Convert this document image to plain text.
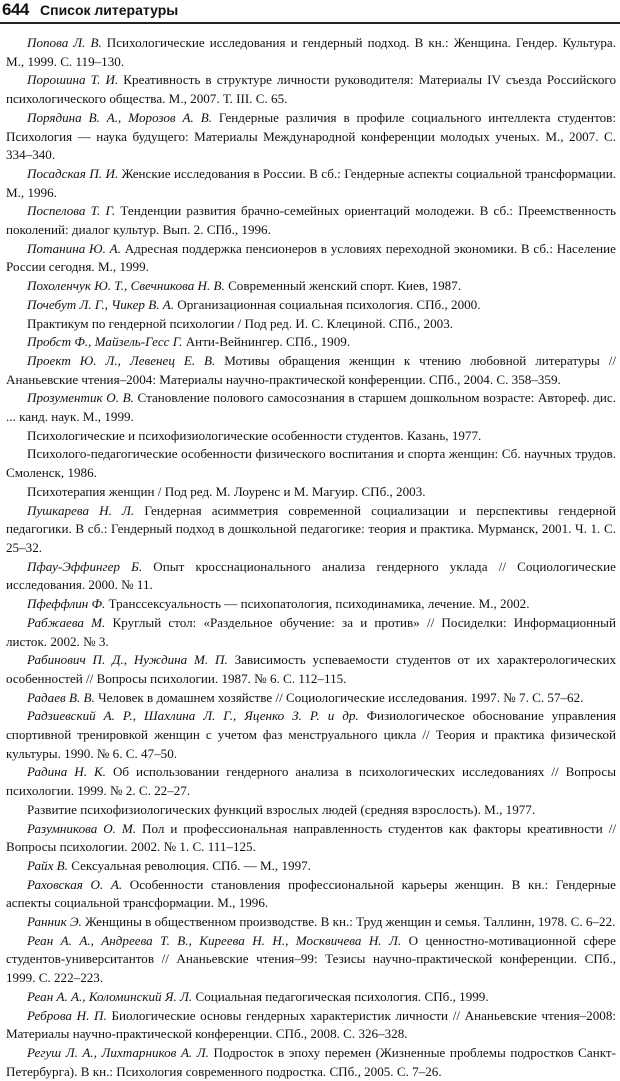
644 Список литературы

Попова Л. В. Психологические исследования и гендерный подход. В кн.: Женщина. Гендер. Культура. М., 1999. С. 119–130.

Порошина Т. И. Креативность в структуре личности руководителя: Материалы IV съезда Российского психологического общества. М., 2007. Т. III. С. 65.

Порядина В. А., Морозов А. В. Гендерные различия в профиле социального интеллекта студентов: Психология — наука будущего: Материалы Международной конференции молодых ученых. М., 2007. С. 334–340.

Посадская П. И. Женские исследования в России. В сб.: Гендерные аспекты социальной трансформации. М., 1996.

Поспелова Т. Г. Тенденции развития брачно-семейных ориентаций молодежи. В сб.: Преемственность поколений: диалог культур. Вып. 2. СПб., 1996.

Потанина Ю. А. Адресная поддержка пенсионеров в условиях переходной экономики. В сб.: Население России сегодня. М., 1999.

Похоленчук Ю. Т., Свечникова Н. В. Современный женский спорт. Киев, 1987.

Почебут Л. Г., Чикер В. А. Организационная социальная психология. СПб., 2000.

Практикум по гендерной психологии / Под ред. И. С. Клециной. СПб., 2003.

Пробст Ф., Майзель-Гесс Г. Анти-Вейнингер. СПб., 1909.

Проект Ю. Л., Левенец Е. В. Мотивы обращения женщин к чтению любовной литературы // Ананьевские чтения–2004: Материалы научно-практической конференции. СПб., 2004. С. 358–359.

Прозументик О. В. Становление полового самосознания в старшем дошкольном возрасте: Автореф. дис. ... канд. наук. М., 1999.

Психологические и психофизиологические особенности студентов. Казань, 1977.

Психолого-педагогические особенности физического воспитания и спорта женщин: Сб. научных трудов. Смоленск, 1986.

Психотерапия женщин / Под ред. М. Лоуренс и М. Магуир. СПб., 2003.

Пушкарева Н. Л. Гендерная асимметрия современной социализации и перспективы гендерной педагогики. В сб.: Гендерный подход в дошкольной педагогике: теория и практика. Мурманск, 2001. Ч. 1. С. 25–32.

Пфау-Эффингер Б. Опыт кросснационального анализа гендерного уклада // Социологические исследования. 2000. № 11.

Пфеффлин Ф. Транссексуальность — психопатология, психодинамика, лечение. М., 2002.

Рабжаева М. Круглый стол: «Раздельное обучение: за и против» // Посиделки: Информационный листок. 2002. № 3.

Рабинович П. Д., Нуждина М. П. Зависимость успеваемости студентов от их характерологических особенностей // Вопросы психологии. 1987. № 6. С. 112–115.

Радаев В. В. Человек в домашнем хозяйстве // Социологические исследования. 1997. № 7. С. 57–62.

Радзиевский А. Р., Шахлина Л. Г., Яценко З. Р. и др. Физиологическое обоснование управления спортивной тренировкой женщин с учетом фаз менструального цикла // Теория и практика физической культуры. 1990. № 6. С. 47–50.

Радина Н. К. Об использовании гендерного анализа в психологических исследованиях // Вопросы психологии. 1999. № 2. С. 22–27.

Развитие психофизиологических функций взрослых людей (средняя взрослость). М., 1977.

Разумникова О. М. Пол и профессиональная направленность студентов как факторы креативности // Вопросы психологии. 2002. № 1. С. 111–125.

Райх В. Сексуальная революция. СПб. — М., 1997.

Раховская О. А. Особенности становления профессиональной карьеры женщин. В кн.: Гендерные аспекты социальной трансформации. М., 1996.

Ранник Э. Женщины в общественном производстве. В кн.: Труд женщин и семья. Таллинн, 1978. С. 6–22.

Реан А. А., Андреева Т. В., Киреева Н. Н., Москвичева Н. Л. О ценностно-мотивационной сфере студентов-университантов // Ананьевские чтения–99: Тезисы научно-практической конференции. СПб., 1999. С. 222–223.

Реан А. А., Коломинский Я. Л. Социальная педагогическая психология. СПб., 1999.

Реброва Н. П. Биологические основы гендерных характеристик личности // Ананьевские чтения–2008: Материалы научно-практической конференции. СПб., 2008. С. 326–328.

Регуш Л. А., Лихтарников А. Л. Подросток в эпоху перемен (Жизненные проблемы подростков Санкт-Петербурга). В кн.: Психология современного подростка. СПб., 2005. С. 7–26.
